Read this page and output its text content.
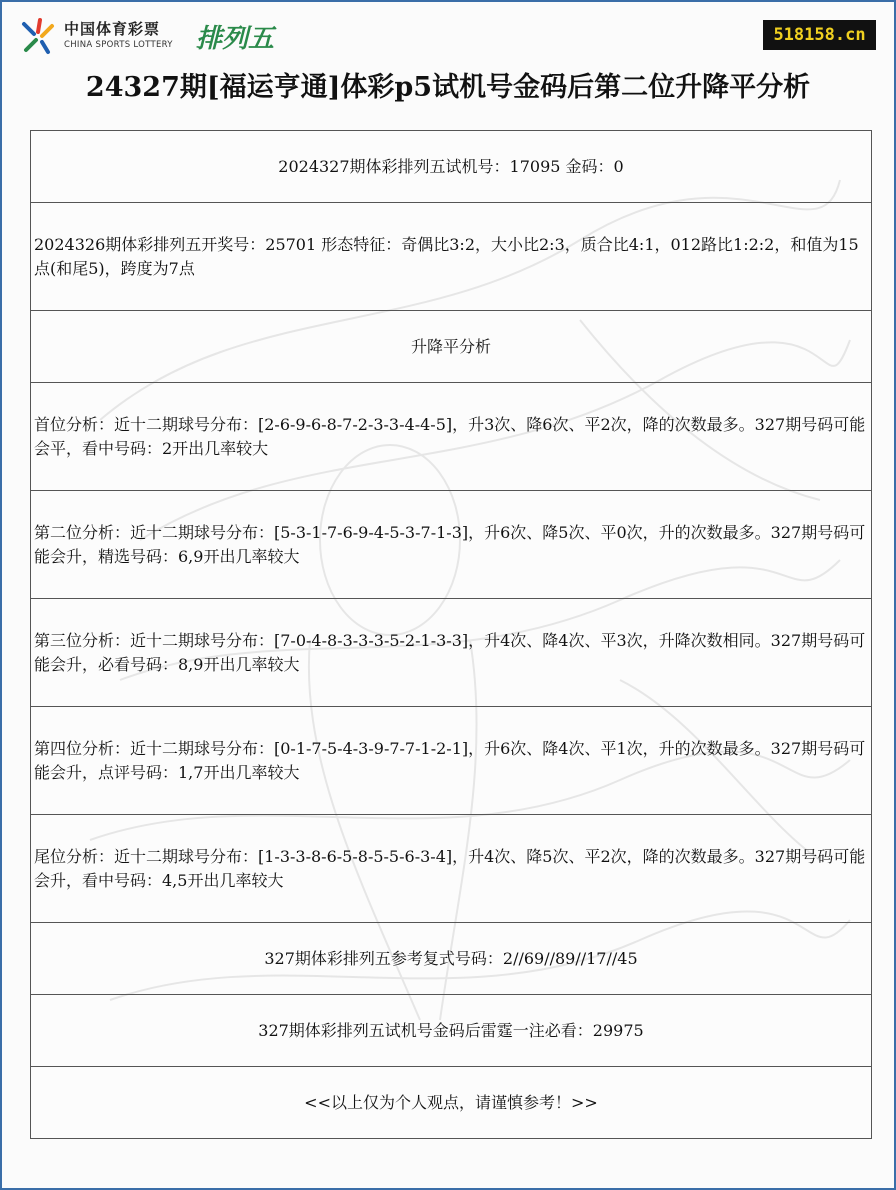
中国体育彩票
CHINA SPORTS LOTTERY 排列五	518158.cn
24327期[福运亨通]体彩p5试机号金码后第二位升降平分析
2024327期体彩排列五试机号：17095 金码：0
2024326期体彩排列五开奖号：25701 形态特征：奇偶比3:2，大小比2:3，质合比4:1，012路比1:2:2，和值为15点(和尾5)，跨度为7点
升降平分析
首位分析：近十二期球号分布：[2-6-9-6-8-7-2-3-3-4-4-5]，升3次、降6次、平2次，降的次数最多。327期号码可能会平，看中号码：2开出几率较大
第二位分析：近十二期球号分布：[5-3-1-7-6-9-4-5-3-7-1-3]，升6次、降5次、平0次，升的次数最多。327期号码可能会升，精选号码：6,9开出几率较大
第三位分析：近十二期球号分布：[7-0-4-8-3-3-3-5-2-1-3-3]，升4次、降4次、平3次，升降次数相同。327期号码可能会升，必看号码：8,9开出几率较大
第四位分析：近十二期球号分布：[0-1-7-5-4-3-9-7-7-1-2-1]，升6次、降4次、平1次，升的次数最多。327期号码可能会升，点评号码：1,7开出几率较大
尾位分析：近十二期球号分布：[1-3-3-8-6-5-8-5-5-6-3-4]，升4次、降5次、平2次，降的次数最多。327期号码可能会升，看中号码：4,5开出几率较大
327期体彩排列五参考复式号码：2//69//89//17//45
327期体彩排列五试机号金码后雷霆一注必看：29975
<<以上仅为个人观点，请谨慎参考！>>
